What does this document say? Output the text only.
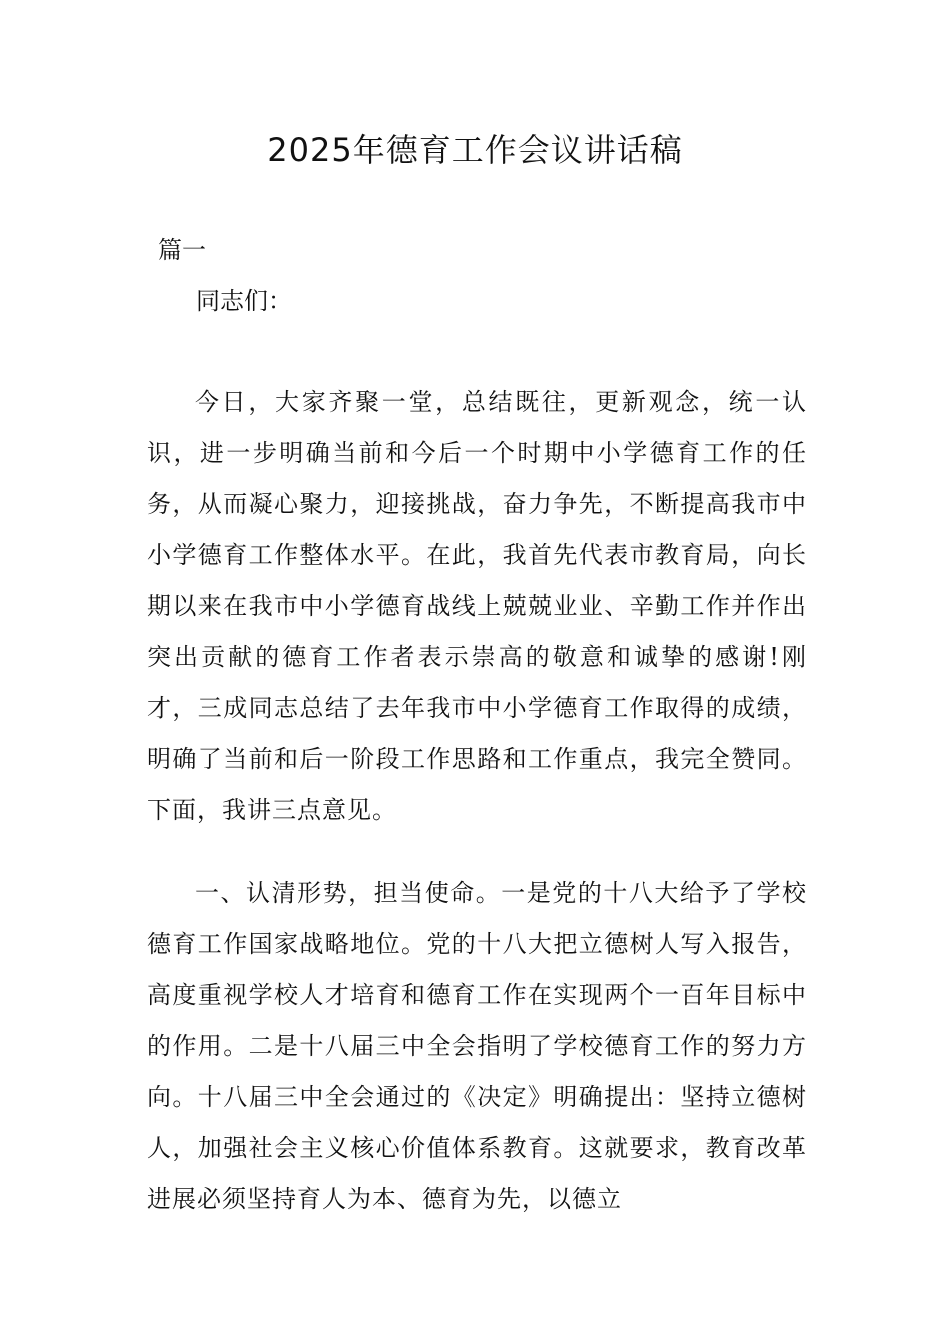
2025年德育工作会议讲话稿
篇一
同志们：

今日，大家齐聚一堂，总结既往，更新观念，统一认识，进一步明确当前和今后一个时期中小学德育工作的任务，从而凝心聚力，迎接挑战，奋力争先，不断提高我市中小学德育工作整体水平。在此，我首先代表市教育局，向长期以来在我市中小学德育战线上兢兢业业、辛勤工作并作出突出贡献的德育工作者表示崇高的敬意和诚挚的感谢!刚才，三成同志总结了去年我市中小学德育工作取得的成绩，明确了当前和后一阶段工作思路和工作重点，我完全赞同。下面，我讲三点意见。

一、认清形势，担当使命。一是党的十八大给予了学校德育工作国家战略地位。党的十八大把立德树人写入报告，高度重视学校人才培育和德育工作在实现两个一百年目标中的作用。二是十八届三中全会指明了学校德育工作的努力方向。十八届三中全会通过的《决定》明确提出：坚持立德树人，加强社会主义核心价值体系教育。这就要求，教育改革进展必须坚持育人为本、德育为先，以德立
